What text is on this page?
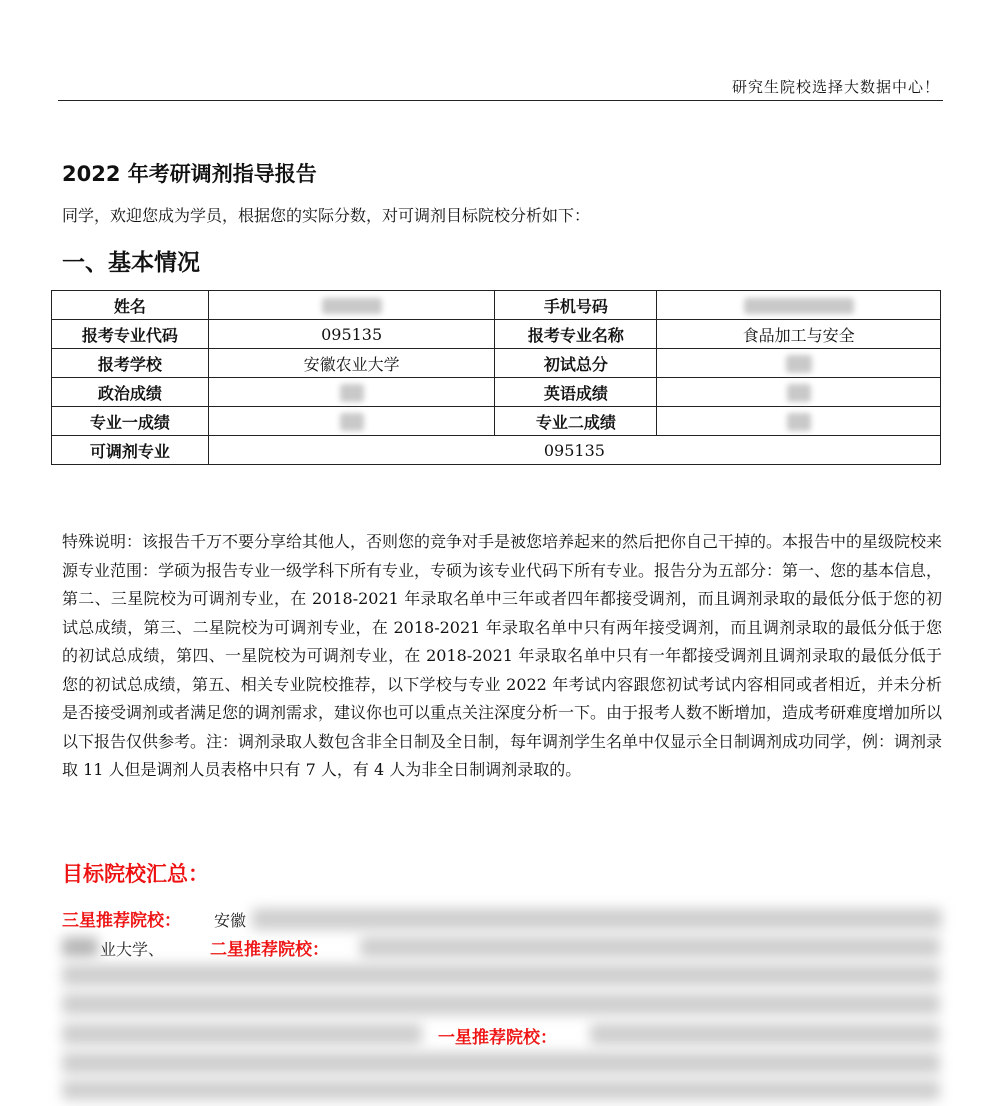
研究生院校选择大数据中心！
2022 年考研调剂指导报告
同学，欢迎您成为学员，根据您的实际分数，对可调剂目标院校分析如下：
一、基本情况
姓名		手机号码	
报考专业代码	095135	报考专业名称	食品加工与安全
报考学校	安徽农业大学	初试总分	
政治成绩		英语成绩	
专业一成绩		专业二成绩	
可调剂专业	095135		
特殊说明：该报告千万不要分享给其他人，否则您的竞争对手是被您培养起来的然后把你自己干掉的。本报告中的星级院校来源专业范围：学硕为报告专业一级学科下所有专业，专硕为该专业代码下所有专业。报告分为五部分：第一、您的基本信息，第二、三星院校为可调剂专业，在 2018-2021 年录取名单中三年或者四年都接受调剂，而且调剂录取的最低分低于您的初试总成绩，第三、二星院校为可调剂专业，在 2018-2021 年录取名单中只有两年接受调剂，而且调剂录取的最低分低于您的初试总成绩，第四、一星院校为可调剂专业，在 2018-2021 年录取名单中只有一年都接受调剂且调剂录取的最低分低于您的初试总成绩，第五、相关专业院校推荐，以下学校与专业 2022 年考试内容跟您初试考试内容相同或者相近，并未分析是否接受调剂或者满足您的调剂需求，建议你也可以重点关注深度分析一下。由于报考人数不断增加，造成考研难度增加所以以下报告仅供参考。注：调剂录取人数包含非全日制及全日制，每年调剂学生名单中仅显示全日制调剂成功同学，例：调剂录取 11 人但是调剂人员表格中只有 7 人，有 4 人为非全日制调剂录取的。
目标院校汇总：
三星推荐院校： 安徽
业大学、	二星推荐院校：
一星推荐院校：
